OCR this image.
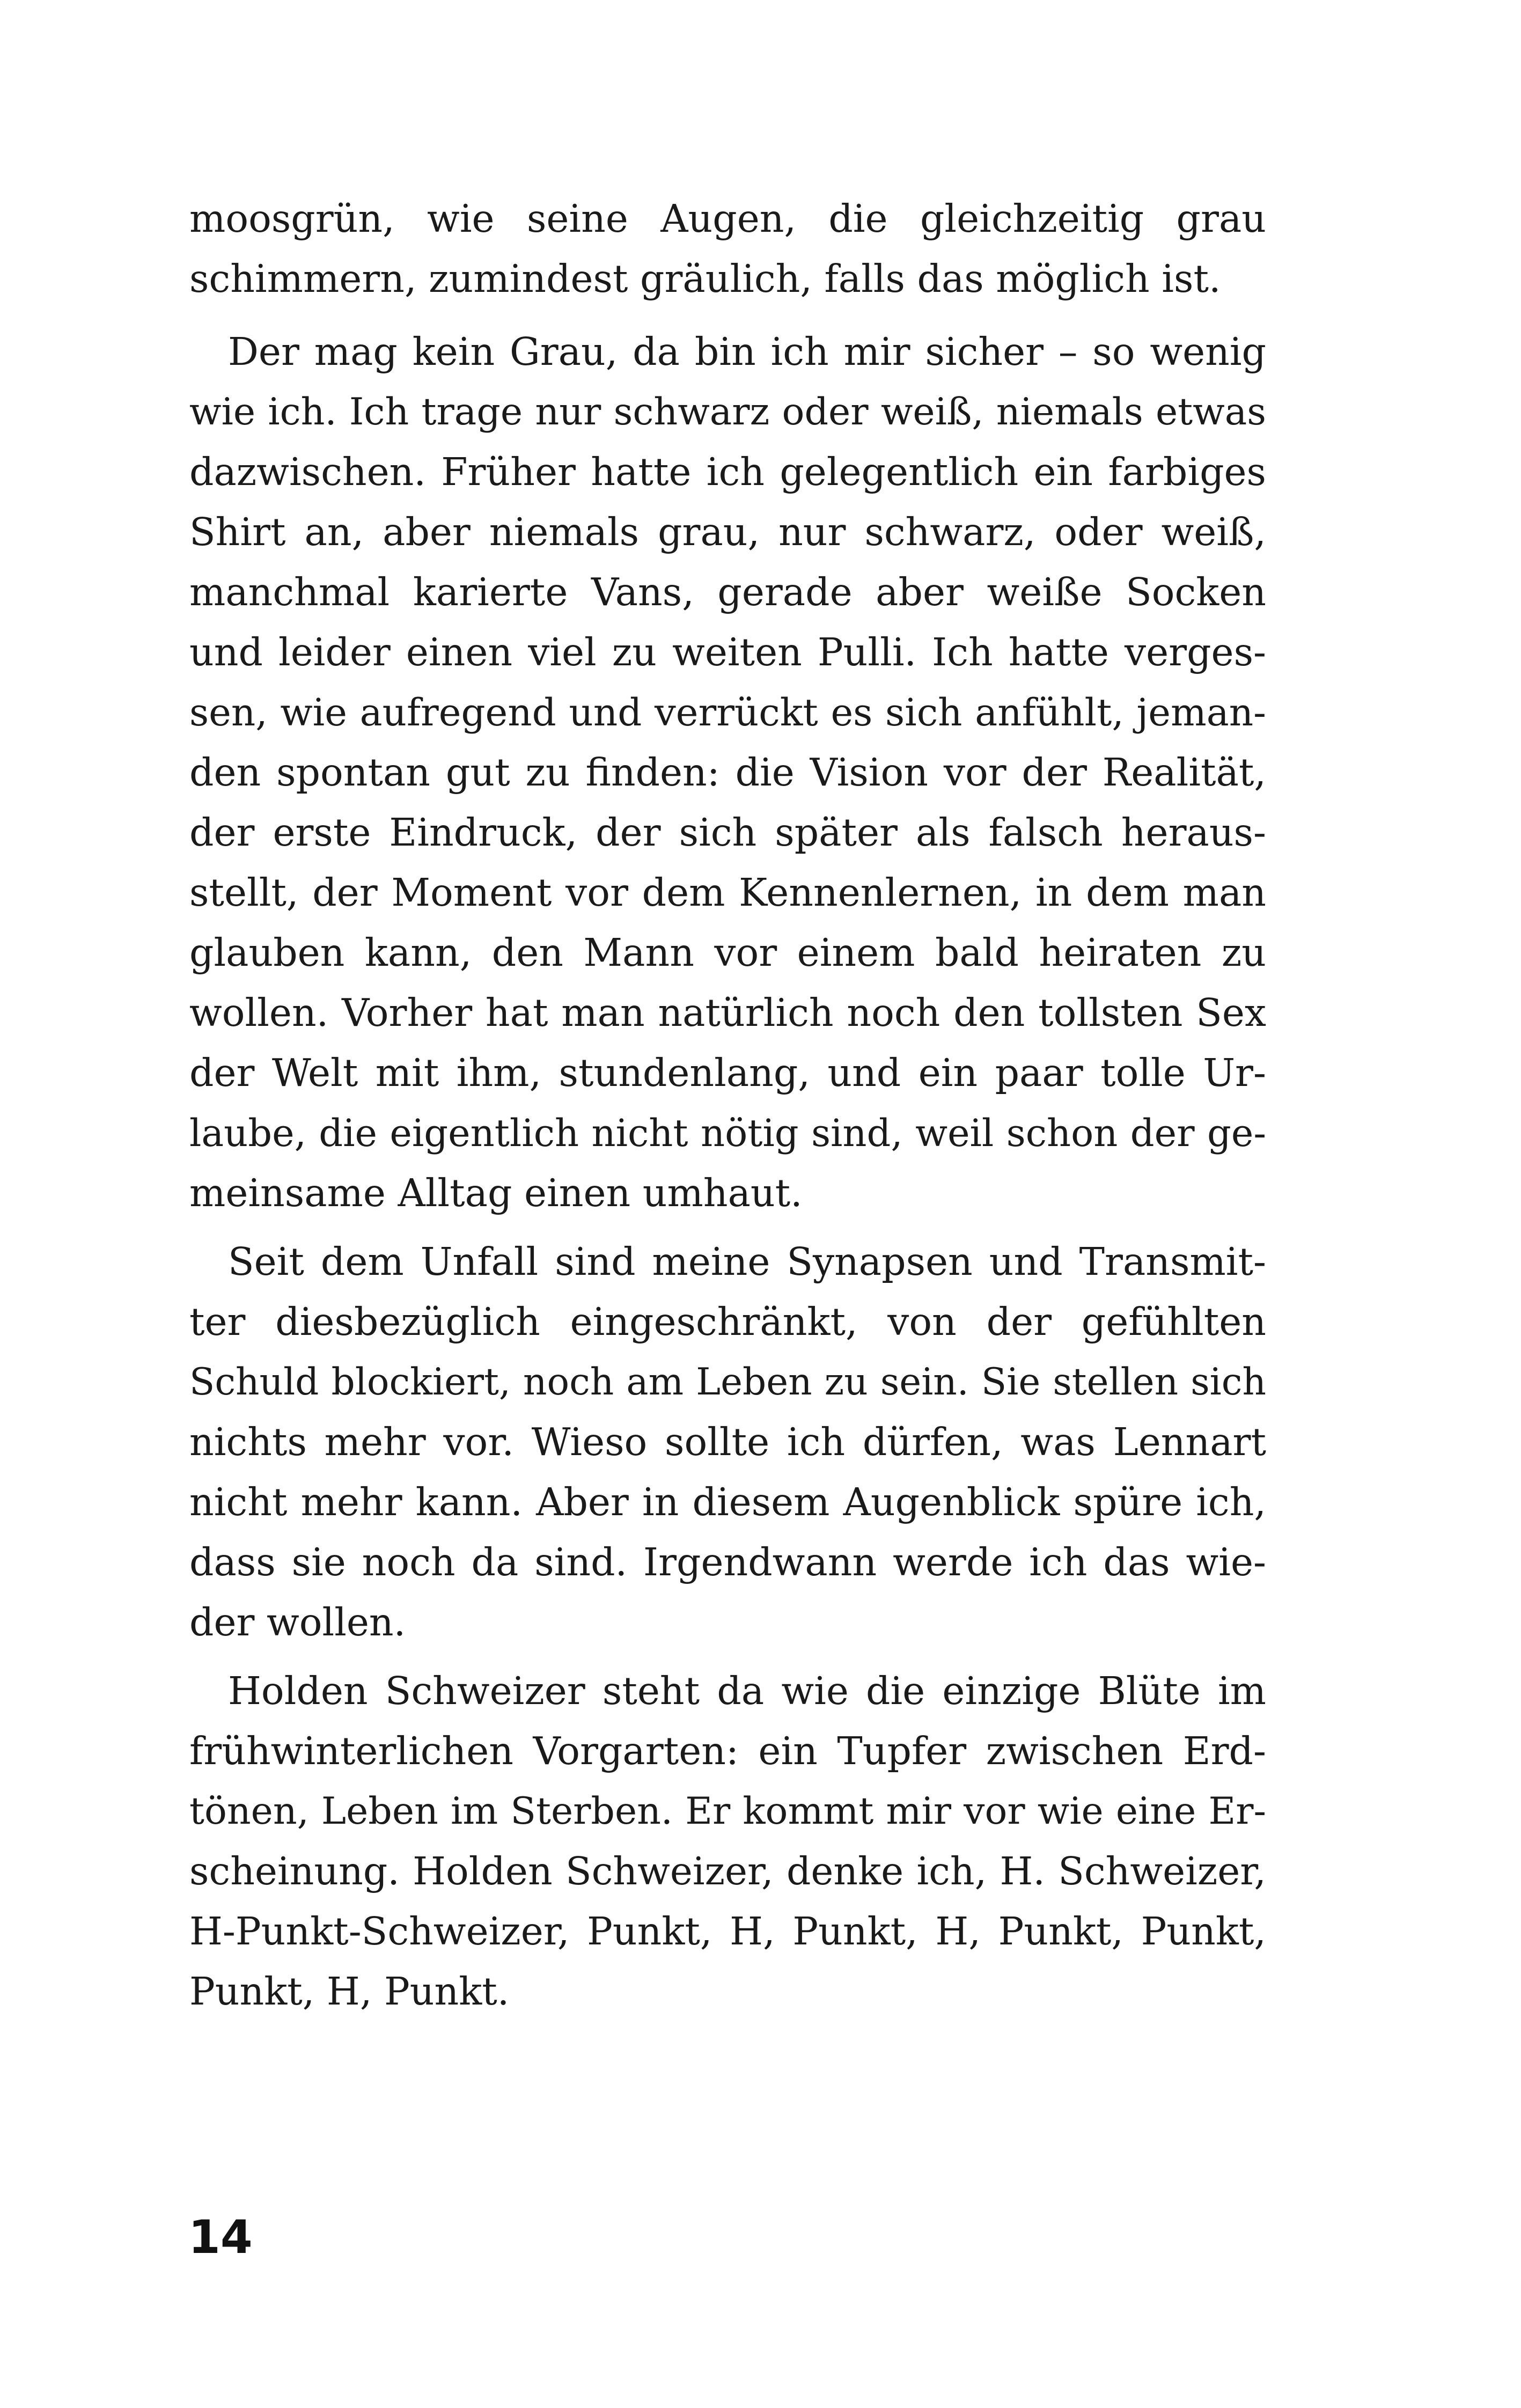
moosgrün, wie seine Augen, die gleichzeitig grau
schimmern, zumindest gräulich, falls das möglich ist.
Der mag kein Grau, da bin ich mir sicher – so wenig
wie ich. Ich trage nur schwarz oder weiß, niemals etwas
dazwischen. Früher hatte ich gelegentlich ein farbiges
Shirt an, aber niemals grau, nur schwarz, oder weiß,
manchmal karierte Vans, gerade aber weiße Socken
und leider einen viel zu weiten Pulli. Ich hatte verges-
sen, wie aufregend und verrückt es sich anfühlt, jeman-
den spontan gut zu finden: die Vision vor der Realität,
der erste Eindruck, der sich später als falsch heraus-
stellt, der Moment vor dem Kennenlernen, in dem man
glauben kann, den Mann vor einem bald heiraten zu
wollen. Vorher hat man natürlich noch den tollsten Sex
der Welt mit ihm, stundenlang, und ein paar tolle Ur-
laube, die eigentlich nicht nötig sind, weil schon der ge-
meinsame Alltag einen umhaut.
Seit dem Unfall sind meine Synapsen und Transmit-
ter diesbezüglich eingeschränkt, von der gefühlten
Schuld blockiert, noch am Leben zu sein. Sie stellen sich
nichts mehr vor. Wieso sollte ich dürfen, was Lennart
nicht mehr kann. Aber in diesem Augenblick spüre ich,
dass sie noch da sind. Irgendwann werde ich das wie-
der wollen.
Holden Schweizer steht da wie die einzige Blüte im
frühwinterlichen Vorgarten: ein Tupfer zwischen Erd-
tönen, Leben im Sterben. Er kommt mir vor wie eine Er-
scheinung. Holden Schweizer, denke ich, H. Schweizer,
H-Punkt-Schweizer, Punkt, H, Punkt, H, Punkt, Punkt,
Punkt, H, Punkt.
14
